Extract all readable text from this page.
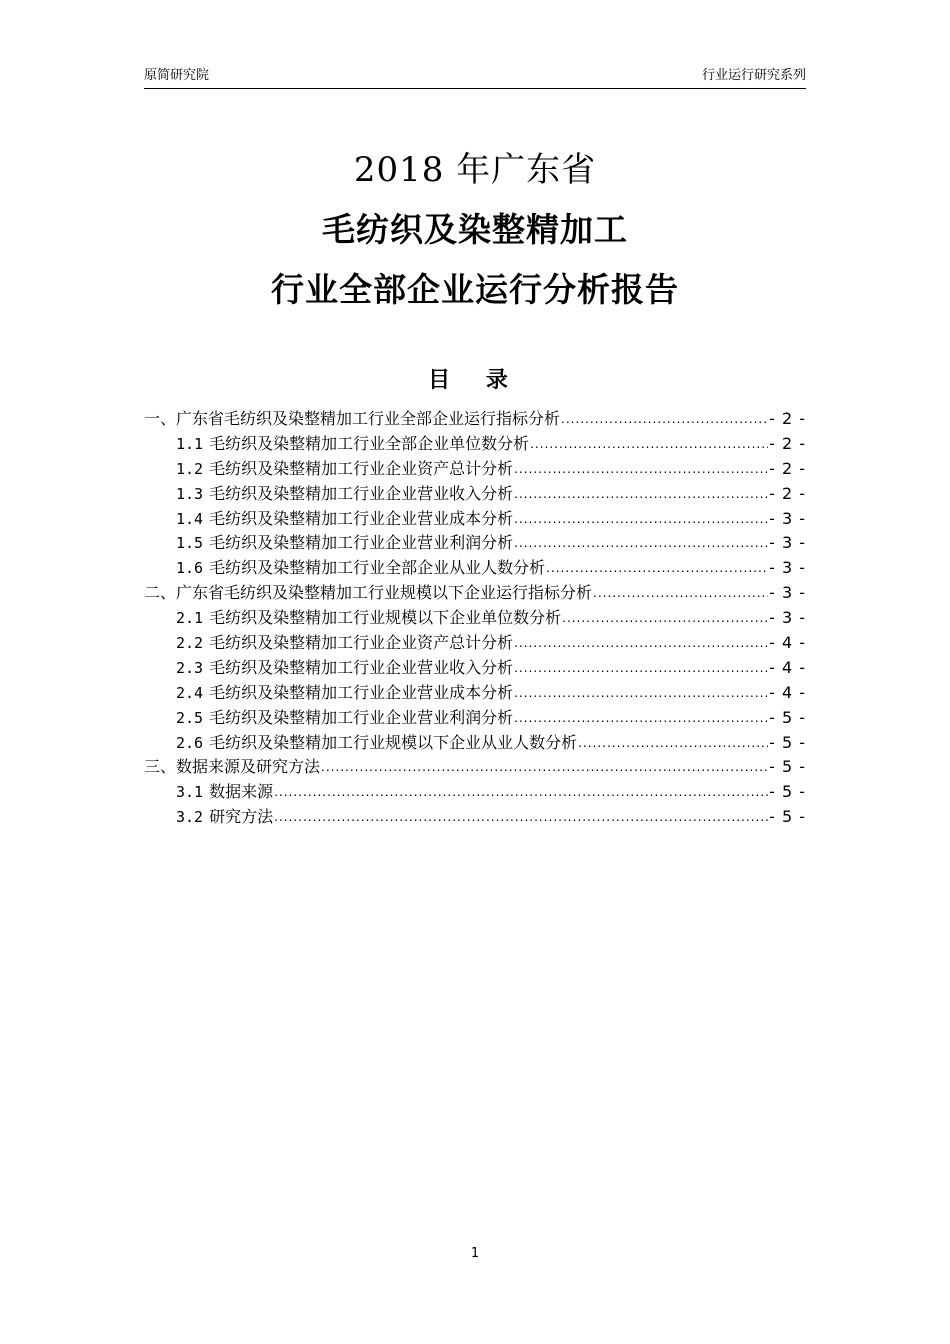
原简研究院	行业运行研究系列
2018 年广东省
毛纺织及染整精加工
行业全部企业运行分析报告
目 录
一、广东省毛纺织及染整精加工行业全部企业运行指标分析 .....	- 2 -
1.1 毛纺织及染整精加工行业全部企业单位数分析 .....	- 2 -
1.2 毛纺织及染整精加工行业企业资产总计分析 .....	- 2 -
1.3 毛纺织及染整精加工行业企业营业收入分析 .....	- 2 -
1.4 毛纺织及染整精加工行业企业营业成本分析 .....	- 3 -
1.5 毛纺织及染整精加工行业企业营业利润分析 .....	- 3 -
1.6 毛纺织及染整精加工行业全部企业从业人数分析 .....	- 3 -
二、广东省毛纺织及染整精加工行业规模以下企业运行指标分析 .....	- 3 -
2.1 毛纺织及染整精加工行业规模以下企业单位数分析 .....	- 3 -
2.2 毛纺织及染整精加工行业企业资产总计分析 .....	- 4 -
2.3 毛纺织及染整精加工行业企业营业收入分析 .....	- 4 -
2.4 毛纺织及染整精加工行业企业营业成本分析 .....	- 4 -
2.5 毛纺织及染整精加工行业企业营业利润分析 .....	- 5 -
2.6 毛纺织及染整精加工行业规模以下企业从业人数分析 .....	- 5 -
三、数据来源及研究方法 .....	- 5 -
3.1 数据来源 .....	- 5 -
3.2 研究方法 .....	- 5 -
1
